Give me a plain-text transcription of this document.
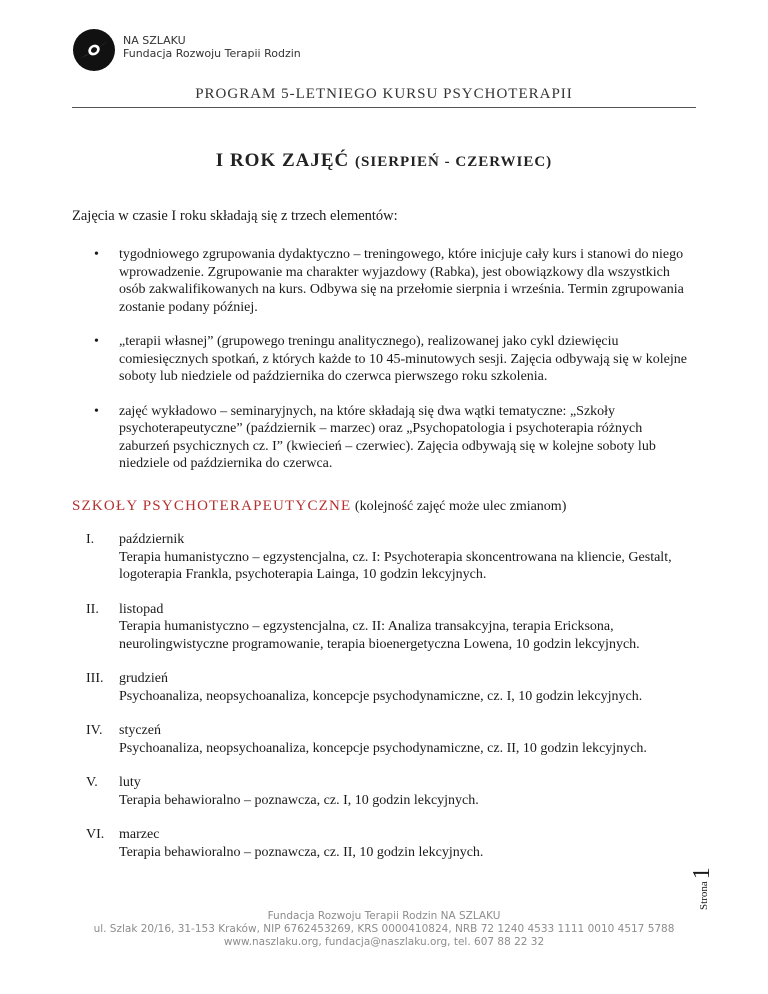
NA SZLAKU
Fundacja Rozwoju Terapii Rodzin
PROGRAM 5-LETNIEGO KURSU PSYCHOTERAPII
I ROK ZAJĘĆ (SIERPIEŃ - CZERWIEC)
Zajęcia w czasie I roku składają się z trzech elementów:
• tygodniowego zgrupowania dydaktyczno – treningowego, które inicjuje cały kurs i stanowi do niego wprowadzenie. Zgrupowanie ma charakter wyjazdowy (Rabka), jest obowiązkowy dla wszystkich osób zakwalifikowanych na kurs. Odbywa się na przełomie sierpnia i września. Termin zgrupowania zostanie podany później.
• „terapii własnej” (grupowego treningu analitycznego), realizowanej jako cykl dziewięciu comiesięcznych spotkań, z których każde to 10 45-minutowych sesji. Zajęcia odbywają się w kolejne soboty lub niedziele od października do czerwca pierwszego roku szkolenia.
• zajęć wykładowo – seminaryjnych, na które składają się dwa wątki tematyczne: „Szkoły psychoterapeutyczne” (październik – marzec) oraz „Psychopatologia i psychoterapia różnych zaburzeń psychicznych cz. I” (kwiecień – czerwiec). Zajęcia odbywają się w kolejne soboty lub niedziele od października do czerwca.
SZKOŁY PSYCHOTERAPEUTYCZNE (kolejność zajęć może ulec zmianom)
I. październik
Terapia humanistyczno – egzystencjalna, cz. I: Psychoterapia skoncentrowana na kliencie, Gestalt, logoterapia Frankla, psychoterapia Lainga, 10 godzin lekcyjnych.
II. listopad
Terapia humanistyczno – egzystencjalna, cz. II: Analiza transakcyjna, terapia Ericksona, neurolingwistyczne programowanie, terapia bioenergetyczna Lowena, 10 godzin lekcyjnych.
III. grudzień
Psychoanaliza, neopsychoanaliza, koncepcje psychodynamiczne, cz. I, 10 godzin lekcyjnych.
IV. styczeń
Psychoanaliza, neopsychoanaliza, koncepcje psychodynamiczne, cz. II, 10 godzin lekcyjnych.
V. luty
Terapia behawioralno – poznawcza, cz. I, 10 godzin lekcyjnych.
VI. marzec
Terapia behawioralno – poznawcza, cz. II, 10 godzin lekcyjnych.
Strona1
Fundacja Rozwoju Terapii Rodzin NA SZLAKU
ul. Szlak 20/16, 31-153 Kraków, NIP 6762453269, KRS 0000410824, NRB 72 1240 4533 1111 0010 4517 5788
www.naszlaku.org, fundacja@naszlaku.org, tel. 607 88 22 32
